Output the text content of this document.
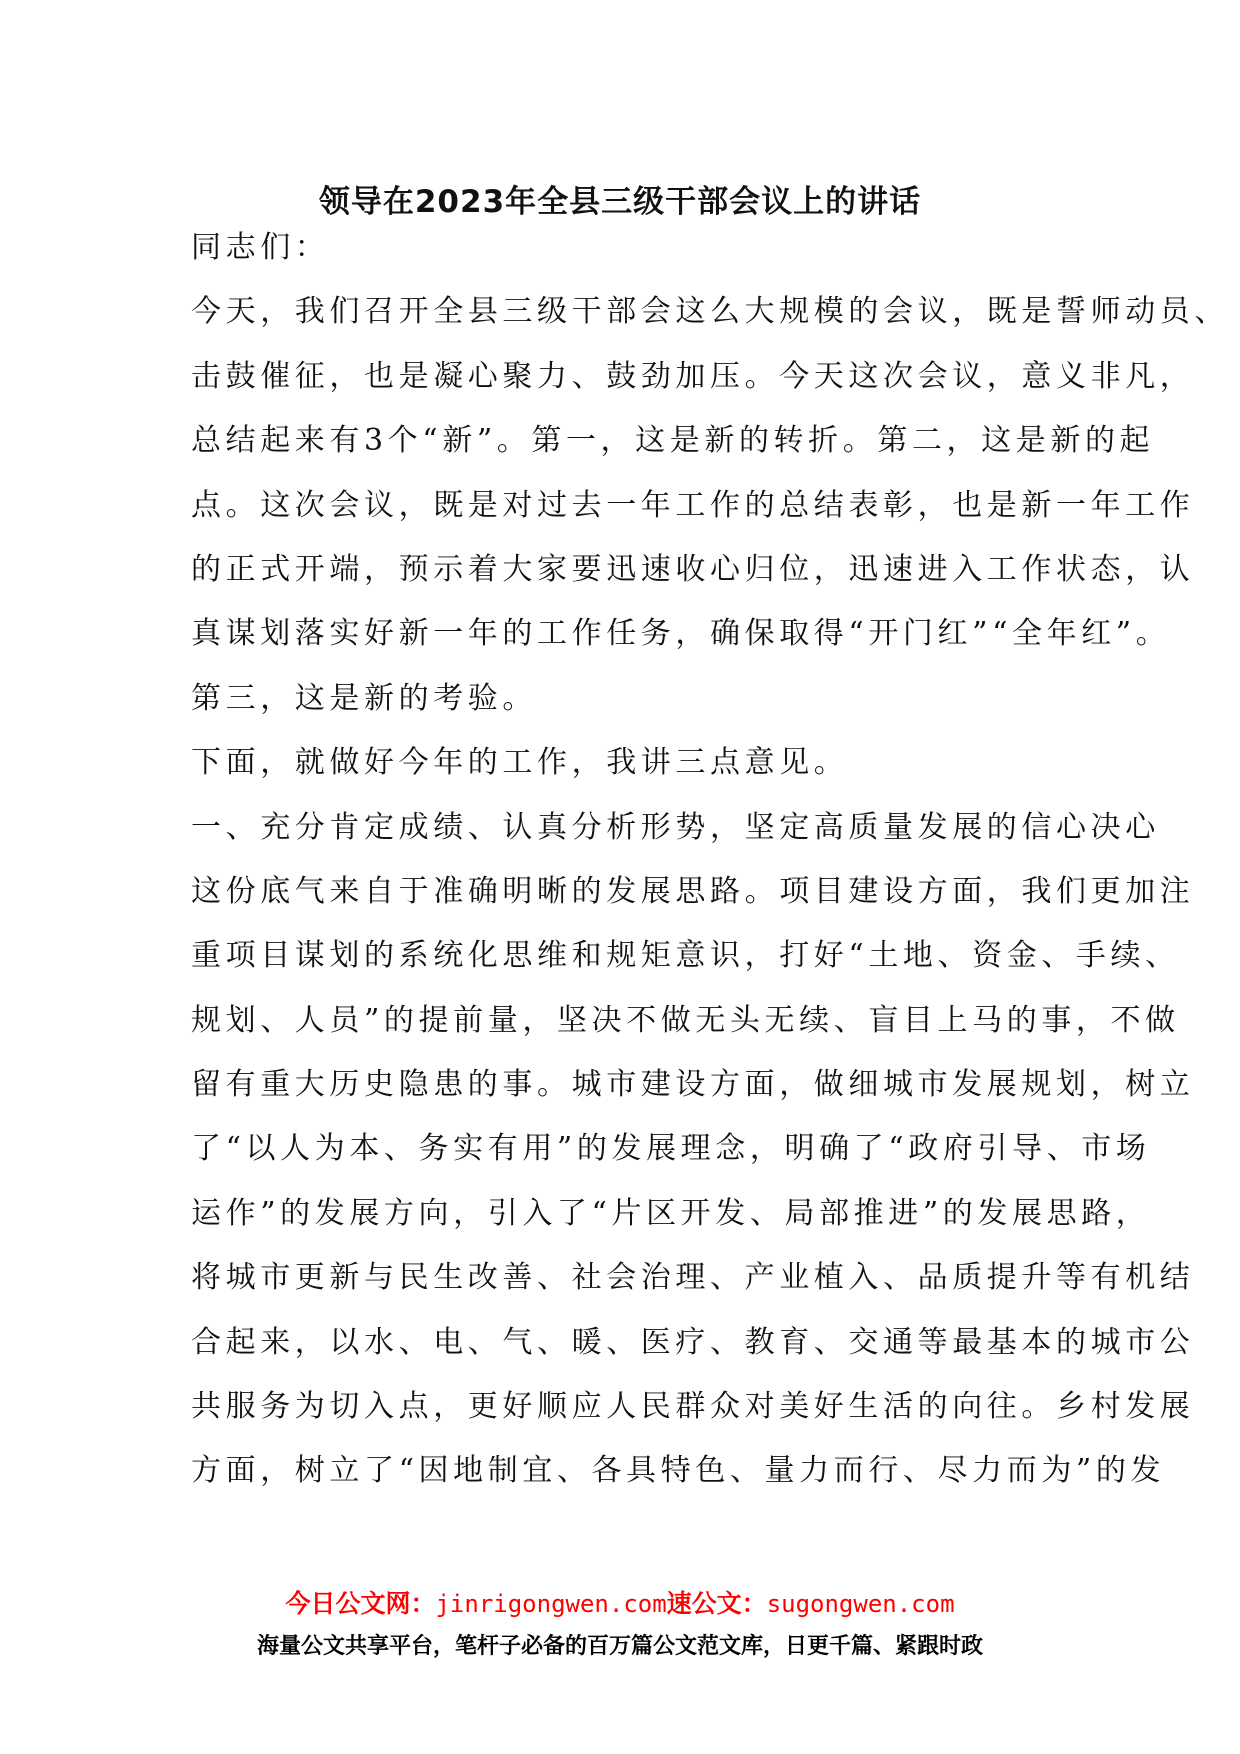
领导在2023年全县三级干部会议上的讲话
同志们：
今天，我们召开全县三级干部会这么大规模的会议，既是誓师动员、
击鼓催征，也是凝心聚力、鼓劲加压。今天这次会议，意义非凡，
总结起来有3个“新”。第一，这是新的转折。第二，这是新的起
点。这次会议，既是对过去一年工作的总结表彰，也是新一年工作
的正式开端，预示着大家要迅速收心归位，迅速进入工作状态，认
真谋划落实好新一年的工作任务，确保取得“开门红”“全年红”。
第三，这是新的考验。
下面，就做好今年的工作，我讲三点意见。
一、充分肯定成绩、认真分析形势，坚定高质量发展的信心决心
这份底气来自于准确明晰的发展思路。项目建设方面，我们更加注
重项目谋划的系统化思维和规矩意识，打好“土地、资金、手续、
规划、人员”的提前量，坚决不做无头无续、盲目上马的事，不做
留有重大历史隐患的事。城市建设方面，做细城市发展规划，树立
了“以人为本、务实有用”的发展理念，明确了“政府引导、市场
运作”的发展方向，引入了“片区开发、局部推进”的发展思路，
将城市更新与民生改善、社会治理、产业植入、品质提升等有机结
合起来，以水、电、气、暖、医疗、教育、交通等最基本的城市公
共服务为切入点，更好顺应人民群众对美好生活的向往。乡村发展
方面，树立了“因地制宜、各具特色、量力而行、尽力而为”的发
今日公文网：jinrigongwen.com速公文：sugongwen.com
海量公文共享平台，笔杆子必备的百万篇公文范文库，日更千篇、紧跟时政
